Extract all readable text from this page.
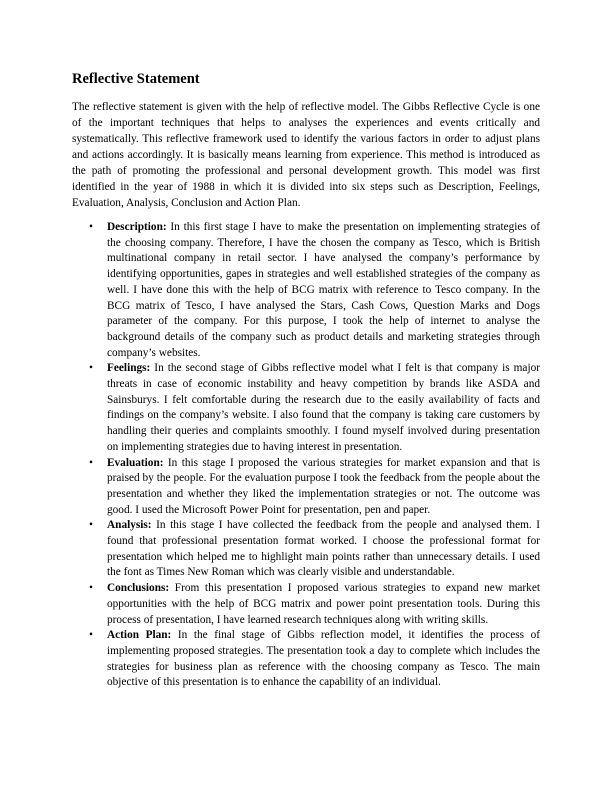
Reflective Statement

The reflective statement is given with the help of reflective model. The Gibbs Reflective Cycle is one of the important techniques that helps to analyses the experiences and events critically and systematically. This reflective framework used to identify the various factors in order to adjust plans and actions accordingly. It is basically means learning from experience. This method is introduced as the path of promoting the professional and personal development growth. This model was first identified in the year of 1988 in which it is divided into six steps such as Description, Feelings, Evaluation, Analysis, Conclusion and Action Plan.

• Description: In this first stage I have to make the presentation on implementing strategies of the choosing company. Therefore, I have the chosen the company as Tesco, which is British multinational company in retail sector. I have analysed the company’s performance by identifying opportunities, gapes in strategies and well established strategies of the company as well. I have done this with the help of BCG matrix with reference to Tesco company. In the BCG matrix of Tesco, I have analysed the Stars, Cash Cows, Question Marks and Dogs parameter of the company. For this purpose, I took the help of internet to analyse the background details of the company such as product details and marketing strategies through company’s websites.
• Feelings: In the second stage of Gibbs reflective model what I felt is that company is major threats in case of economic instability and heavy competition by brands like ASDA and Sainsburys. I felt comfortable during the research due to the easily availability of facts and findings on the company’s website. I also found that the company is taking care customers by handling their queries and complaints smoothly. I found myself involved during presentation on implementing strategies due to having interest in presentation.
• Evaluation: In this stage I proposed the various strategies for market expansion and that is praised by the people. For the evaluation purpose I took the feedback from the people about the presentation and whether they liked the implementation strategies or not. The outcome was good. I used the Microsoft Power Point for presentation, pen and paper.
• Analysis: In this stage I have collected the feedback from the people and analysed them. I found that professional presentation format worked. I choose the professional format for presentation which helped me to highlight main points rather than unnecessary details. I used the font as Times New Roman which was clearly visible and understandable.
• Conclusions: From this presentation I proposed various strategies to expand new market opportunities with the help of BCG matrix and power point presentation tools. During this process of presentation, I have learned research techniques along with writing skills.
• Action Plan: In the final stage of Gibbs reflection model, it identifies the process of implementing proposed strategies. The presentation took a day to complete which includes the strategies for business plan as reference with the choosing company as Tesco. The main objective of this presentation is to enhance the capability of an individual.
